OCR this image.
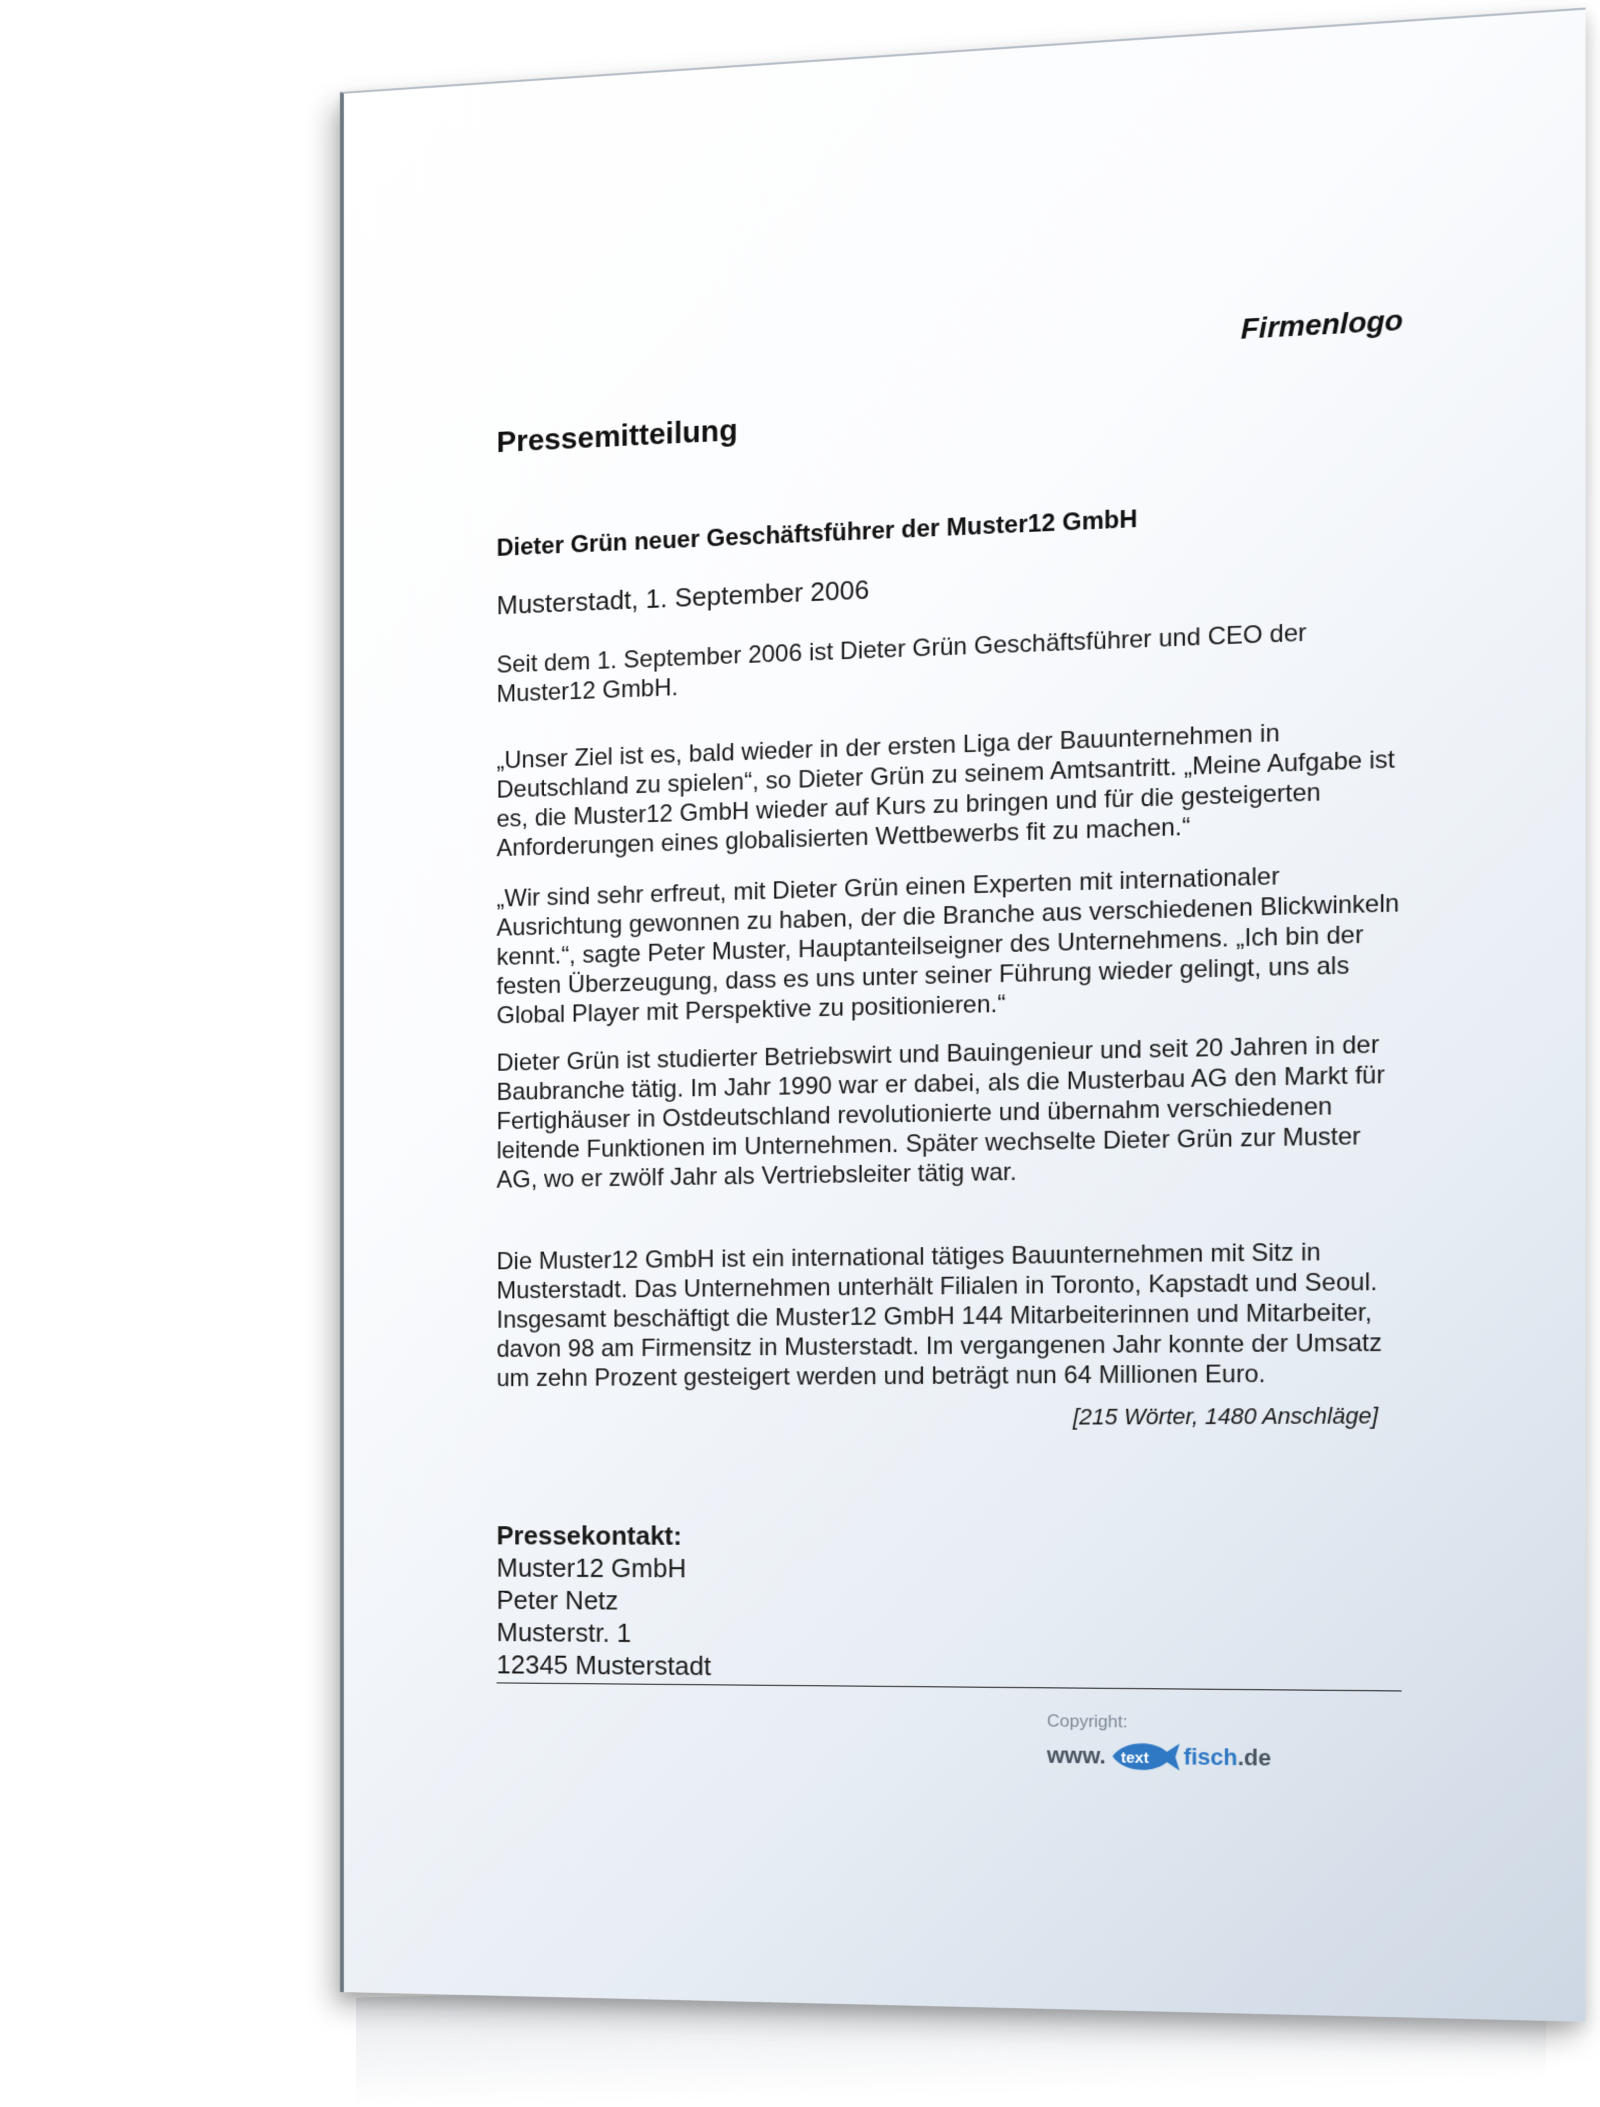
Firmenlogo
Pressemitteilung
Dieter Grün neuer Geschäftsführer der Muster12 GmbH
Musterstadt, 1. September 2006
Seit dem 1. September 2006 ist Dieter Grün Geschäftsführer und CEO der Muster12 GmbH.
„Unser Ziel ist es, bald wieder in der ersten Liga der Bauunternehmen in Deutschland zu spielen“, so Dieter Grün zu seinem Amtsantritt. „Meine Aufgabe ist es, die Muster12 GmbH wieder auf Kurs zu bringen und für die gesteigerten Anforderungen eines globalisierten Wettbewerbs fit zu machen.“
„Wir sind sehr erfreut, mit Dieter Grün einen Experten mit internationaler Ausrichtung gewonnen zu haben, der die Branche aus verschiedenen Blickwinkeln kennt.“, sagte Peter Muster, Hauptanteilseigner des Unternehmens. „Ich bin der festen Überzeugung, dass es uns unter seiner Führung wieder gelingt, uns als Global Player mit Perspektive zu positionieren.“
Dieter Grün ist studierter Betriebswirt und Bauingenieur und seit 20 Jahren in der Baubranche tätig. Im Jahr 1990 war er dabei, als die Musterbau AG den Markt für Fertighäuser in Ostdeutschland revolutionierte und übernahm verschiedenen leitende Funktionen im Unternehmen. Später wechselte Dieter Grün zur Muster AG, wo er zwölf Jahr als Vertriebsleiter tätig war.
Die Muster12 GmbH ist ein international tätiges Bauunternehmen mit Sitz in Musterstadt. Das Unternehmen unterhält Filialen in Toronto, Kapstadt und Seoul. Insgesamt beschäftigt die Muster12 GmbH 144 Mitarbeiterinnen und Mitarbeiter, davon 98 am Firmensitz in Musterstadt. Im vergangenen Jahr konnte der Umsatz um zehn Prozent gesteigert werden und beträgt nun 64 Millionen Euro.
[215 Wörter, 1480 Anschläge]
Pressekontakt:
Muster12 GmbH
Peter Netz
Musterstr. 1
12345 Musterstadt
Copyright:
www. text fisch .de
